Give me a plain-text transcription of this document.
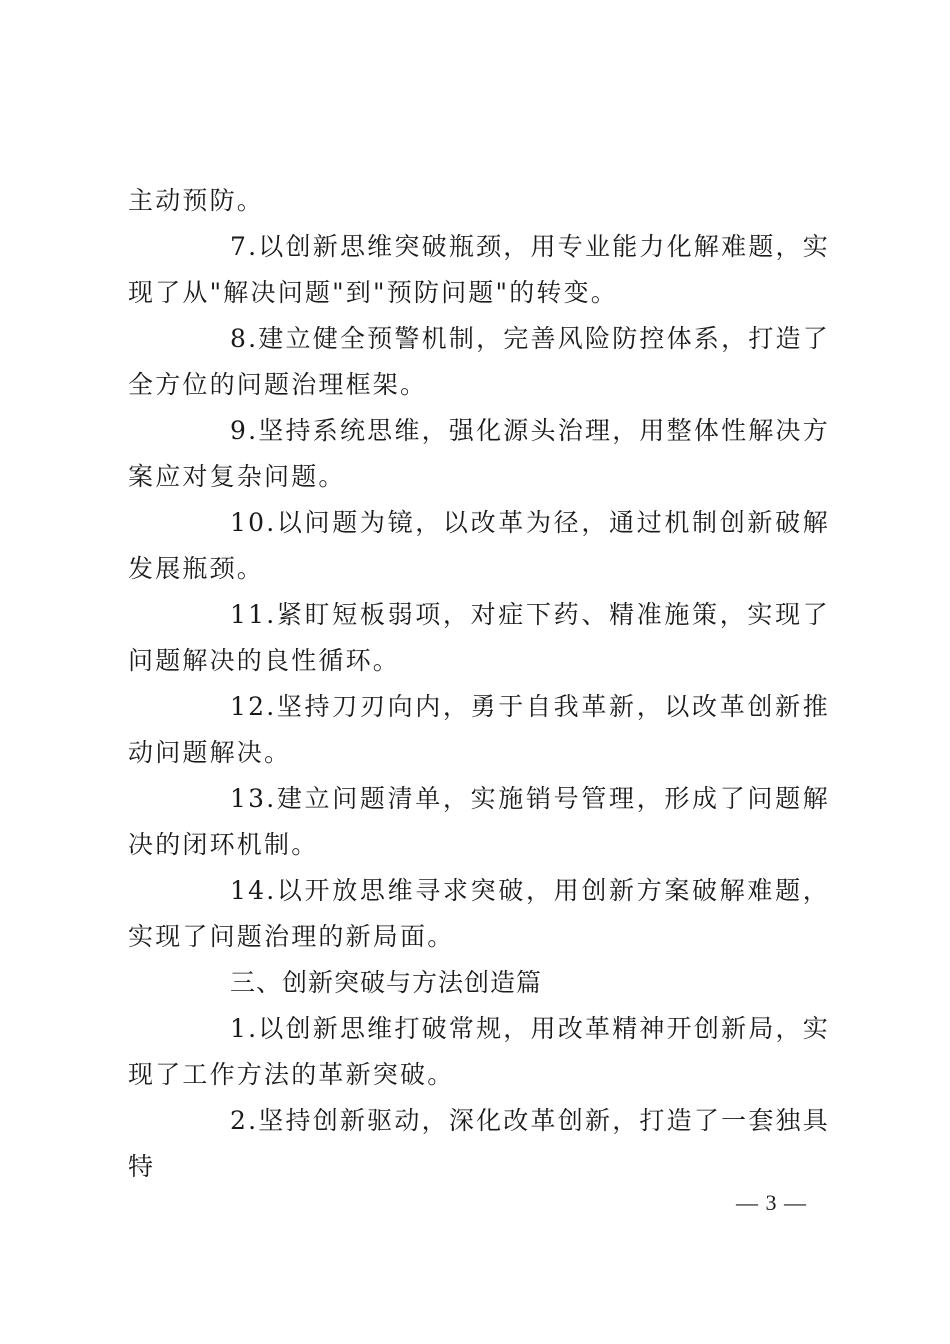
主动预防。

7.以创新思维突破瓶颈，用专业能力化解难题，实现了从"解决问题"到"预防问题"的转变。

8.建立健全预警机制，完善风险防控体系，打造了全方位的问题治理框架。

9.坚持系统思维，强化源头治理，用整体性解决方案应对复杂问题。

10.以问题为镜，以改革为径，通过机制创新破解发展瓶颈。

11.紧盯短板弱项，对症下药、精准施策，实现了问题解决的良性循环。

12.坚持刀刃向内，勇于自我革新，以改革创新推动问题解决。

13.建立问题清单，实施销号管理，形成了问题解决的闭环机制。

14.以开放思维寻求突破，用创新方案破解难题，实现了问题治理的新局面。

三、创新突破与方法创造篇

1.以创新思维打破常规，用改革精神开创新局，实现了工作方法的革新突破。

2.坚持创新驱动，深化改革创新，打造了一套独具特

— 3 —
